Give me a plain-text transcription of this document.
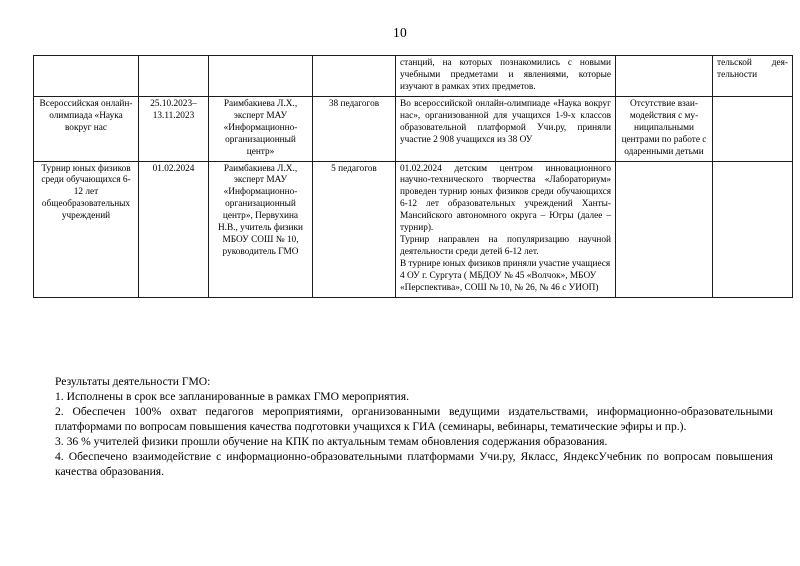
10
				станций, на которых познакомились с новыми учебными предметами и явлениями, которые изучают в рамках этих предметов.		тельской деятельности
Всероссийская онлайн-олимпиада «Наука вокруг нас	25.10.2023– 13.11.2023	Раимбакиева Л.Х., эксперт МАУ «Информационно-организационный центр»	38 педагогов	Во всероссийской онлайн-олимпиаде «Наука вокруг нас», организованной для учащихся 1-9-х классов образовательной платформой Учи.ру, приняли участие 2 908 учащихся из 38 ОУ	Отсутствие взаимодействия с муниципальными центрами по работе с одаренными детьми	
Турнир юных физиков среди обучающихся 6-12 лет общеобразовательных учреждений	01.02.2024	Раимбакиева Л.Х., эксперт МАУ «Информационно-организационный центр», Первухина Н.В., учитель физики МБОУ СОШ № 10, руководитель ГМО	5 педагогов	01.02.2024 детским центром инновационного научно-технического творчества «Лабораториум» проведен турнир юных физиков среди обучающихся 6-12 лет образовательных учреждений Ханты-Мансийского автономного округа – Югры (далее – турнир).

Турнир направлен на популяризацию научной деятельности среди детей 6-12 лет.

В турнире юных физиков приняли участие учащиеся 4 ОУ г. Сургута ( МБДОУ № 45 «Волчок», МБОУ «Перспектива», СОШ № 10, № 26, № 46 с УИОП)		

Результаты деятельности ГМО:

1. Исполнены в срок все запланированные в рамках ГМО мероприятия.

2. Обеспечен 100% охват педагогов мероприятиями, организованными ведущими издательствами, информационно-образовательными платформами по вопросам повышения качества подготовки учащихся к ГИА (семинары, вебинары, тематические эфиры и пр.).

3. 36 % учителей физики прошли обучение на КПК по актуальным темам обновления содержания образования.

4. Обеспечено взаимодействие с информационно-образовательными платформами Учи.ру, Якласс, ЯндексУчебник по вопросам повышения качества образования.
